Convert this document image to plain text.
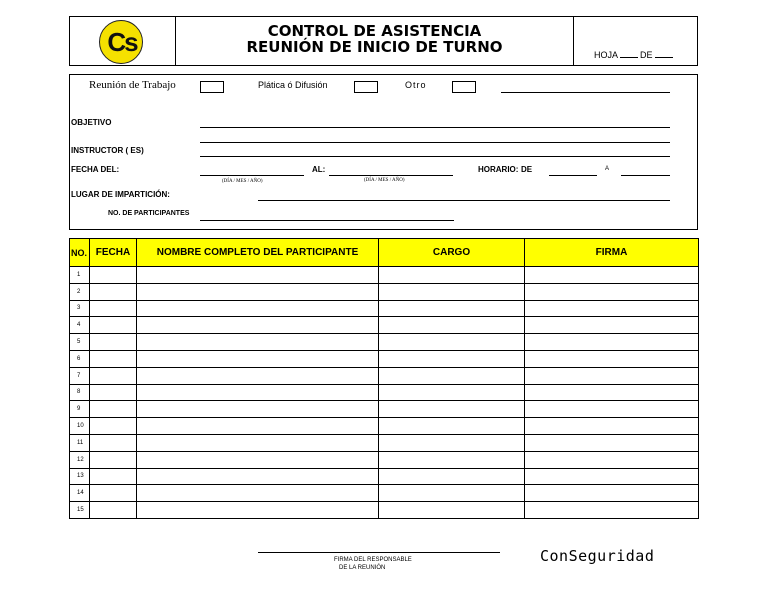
Cs	CONTROL DE ASISTENCIA
REUNIÓN DE INICIO DE TURNO	HOJA DE
Reunión de Trabajo	Plática ó Difusión	Otro
OBJETIVO
INSTRUCTOR ( ES)
FECHA DEL:
(DÍA / MES / AÑO)
AL:
(DÍA / MES / AÑO)
HORARIO: DE	A
LUGAR DE IMPARTICIÓN:
NO. DE PARTICIPANTES
NO.	FECHA	NOMBRE COMPLETO DEL PARTICIPANTE	CARGO	FIRMA
1				
2				
3				
4				
5				
6				
7				
8				
9				
10				
11				
12				
13				
14				
15				
FIRMA DEL RESPONSABLE
DE LA REUNIÓN
ConSeguridad
